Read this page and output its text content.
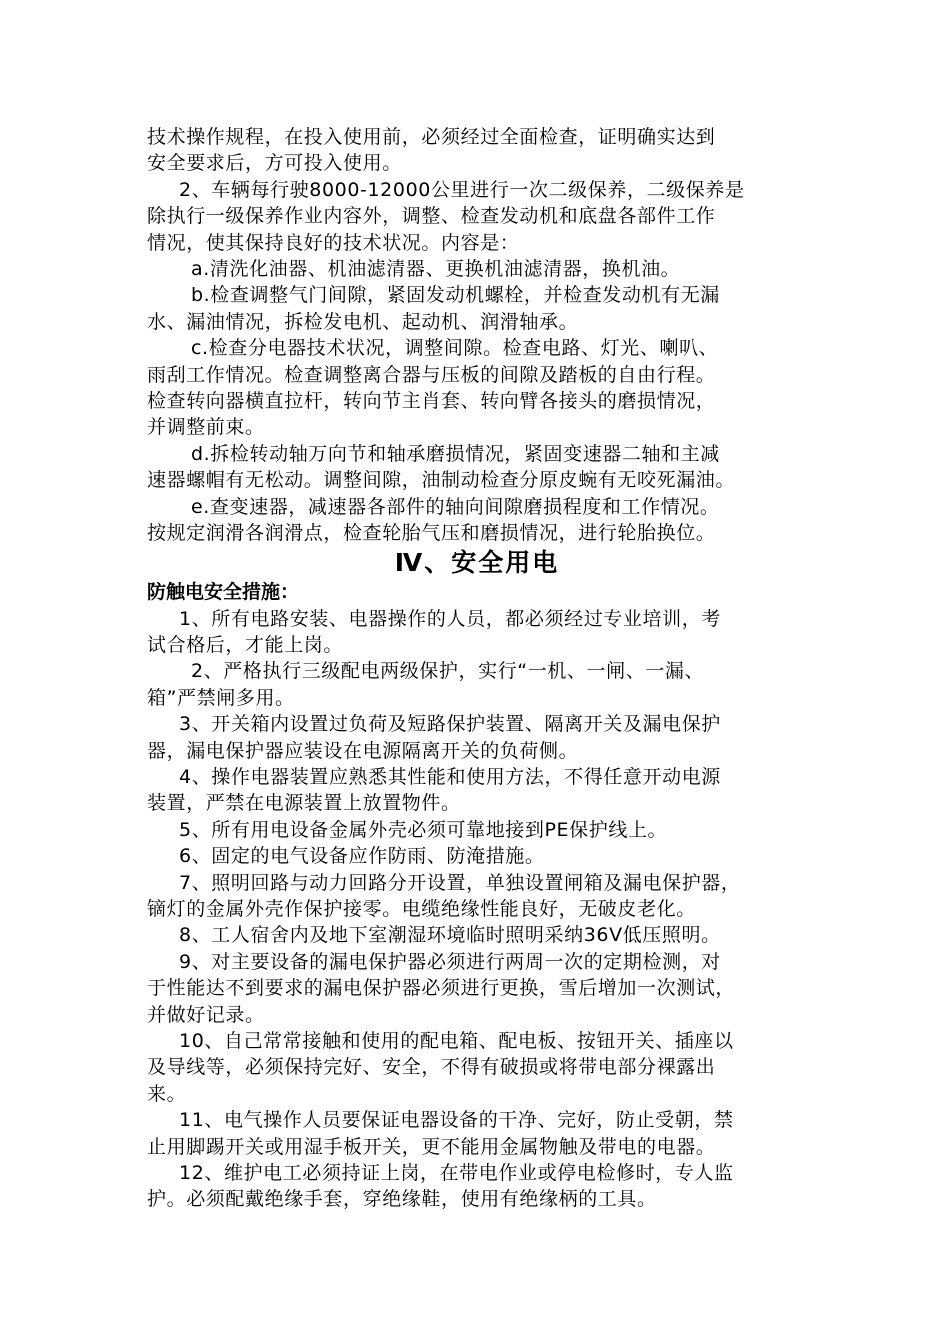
技术操作规程，在投入使用前，必须经过全面检查，证明确实达到
安全要求后，方可投入使用。
2、车辆每行驶8000-12000公里进行一次二级保养，二级保养是
除执行一级保养作业内容外，调整、检查发动机和底盘各部件工作
情况，使其保持良好的技术状况。内容是：
a.清洗化油器、机油滤清器、更换机油滤清器，换机油。
b.检查调整气门间隙，紧固发动机螺栓，并检查发动机有无漏
水、漏油情况，拆检发电机、起动机、润滑轴承。
c.检查分电器技术状况，调整间隙。检查电路、灯光、喇叭、
雨刮工作情况。检查调整离合器与压板的间隙及踏板的自由行程。
检查转向器横直拉杆，转向节主肖套、转向臂各接头的磨损情况，
并调整前束。
d.拆检转动轴万向节和轴承磨损情况，紧固变速器二轴和主减
速器螺帽有无松动。调整间隙，油制动检查分原皮蜿有无咬死漏油。
e.查变速器，减速器各部件的轴向间隙磨损程度和工作情况。
按规定润滑各润滑点，检查轮胎气压和磨损情况，进行轮胎换位。
Ⅳ、安全用电
防触电安全措施：
1、所有电路安装、电器操作的人员，都必须经过专业培训，考
试合格后，才能上岗。
2、严格执行三级配电两级保护，实行“一机、一闸、一漏、
箱”严禁闸多用。
3、开关箱内设置过负荷及短路保护装置、隔离开关及漏电保护
器，漏电保护器应装设在电源隔离开关的负荷侧。
4、操作电器装置应熟悉其性能和使用方法，不得任意开动电源
装置，严禁在电源装置上放置物件。
5、所有用电设备金属外壳必须可靠地接到PE保护线上。
6、固定的电气设备应作防雨、防淹措施。
7、照明回路与动力回路分开设置，单独设置闸箱及漏电保护器，
镝灯的金属外壳作保护接零。电缆绝缘性能良好，无破皮老化。
8、工人宿舍内及地下室潮湿环境临时照明采纳36V低压照明。
9、对主要设备的漏电保护器必须进行两周一次的定期检测，对
于性能达不到要求的漏电保护器必须进行更换，雪后增加一次测试，
并做好记录。
10、自己常常接触和使用的配电箱、配电板、按钮开关、插座以
及导线等，必须保持完好、安全，不得有破损或将带电部分裸露出
来。
11、电气操作人员要保证电器设备的干净、完好，防止受朝，禁
止用脚踢开关或用湿手板开关，更不能用金属物触及带电的电器。
12、维护电工必须持证上岗，在带电作业或停电检修时，专人监
护。必须配戴绝缘手套，穿绝缘鞋，使用有绝缘柄的工具。
